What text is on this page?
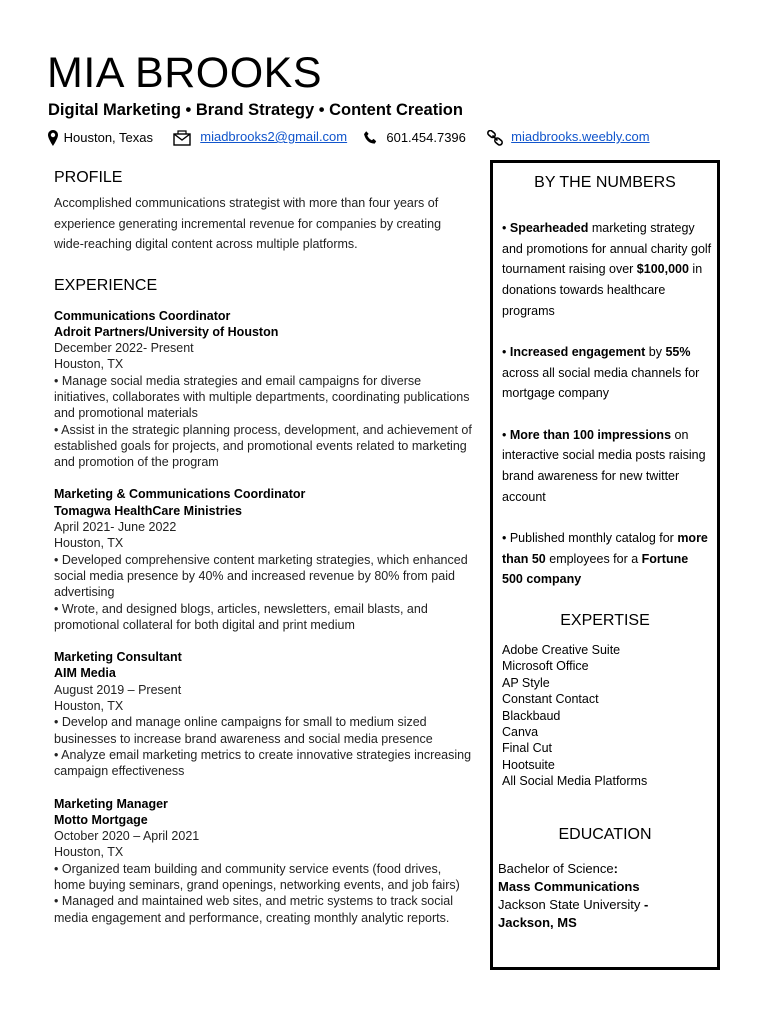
MIA BROOKS
Digital Marketing • Brand Strategy • Content Creation
Houston, Texas	miadbrooks2@gmail.com	601.454.7396	miadbrooks.weebly.com
PROFILE

Accomplished communications strategist with more than four years of experience generating incremental revenue for companies by creating wide-reaching digital content across multiple platforms.

EXPERIENCE
Communications Coordinator
Adroit Partners/University of Houston
December 2022- Present
Houston, TX
• Manage social media strategies and email campaigns for diverse initiatives, collaborates with multiple departments, coordinating publications and promotional materials
• Assist in the strategic planning process, development, and achievement of established goals for projects, and promotional events related to marketing and promotion of the program
Marketing & Communications Coordinator
Tomagwa HealthCare Ministries
April 2021- June 2022
Houston, TX
• Developed comprehensive content marketing strategies, which enhanced social media presence by 40% and increased revenue by 80% from paid advertising
• Wrote, and designed blogs, articles, newsletters, email blasts, and promotional collateral for both digital and print medium
Marketing Consultant
AIM Media
August 2019 – Present
Houston, TX
• Develop and manage online campaigns for small to medium sized businesses to increase brand awareness and social media presence
• Analyze email marketing metrics to create innovative strategies increasing campaign effectiveness
Marketing Manager
Motto Mortgage
October 2020 – April 2021
Houston, TX
• Organized team building and community service events (food drives, home buying seminars, grand openings, networking events, and job fairs)
• Managed and maintained web sites, and metric systems to track social media engagement and performance, creating monthly analytic reports.
BY THE NUMBERS
• Spearheaded marketing strategy and promotions for annual charity golf tournament raising over $100,000 in donations towards healthcare programs
• Increased engagement by 55% across all social media channels for mortgage company
• More than 100 impressions on interactive social media posts raising brand awareness for new twitter account
• Published monthly catalog for more than 50 employees for a Fortune 500 company
EXPERTISE
Adobe Creative Suite
Microsoft Office
AP Style
Constant Contact
Blackbaud
Canva
Final Cut
Hootsuite
All Social Media Platforms
EDUCATION
Bachelor of Science:
Mass Communications
Jackson State University -
Jackson, MS
